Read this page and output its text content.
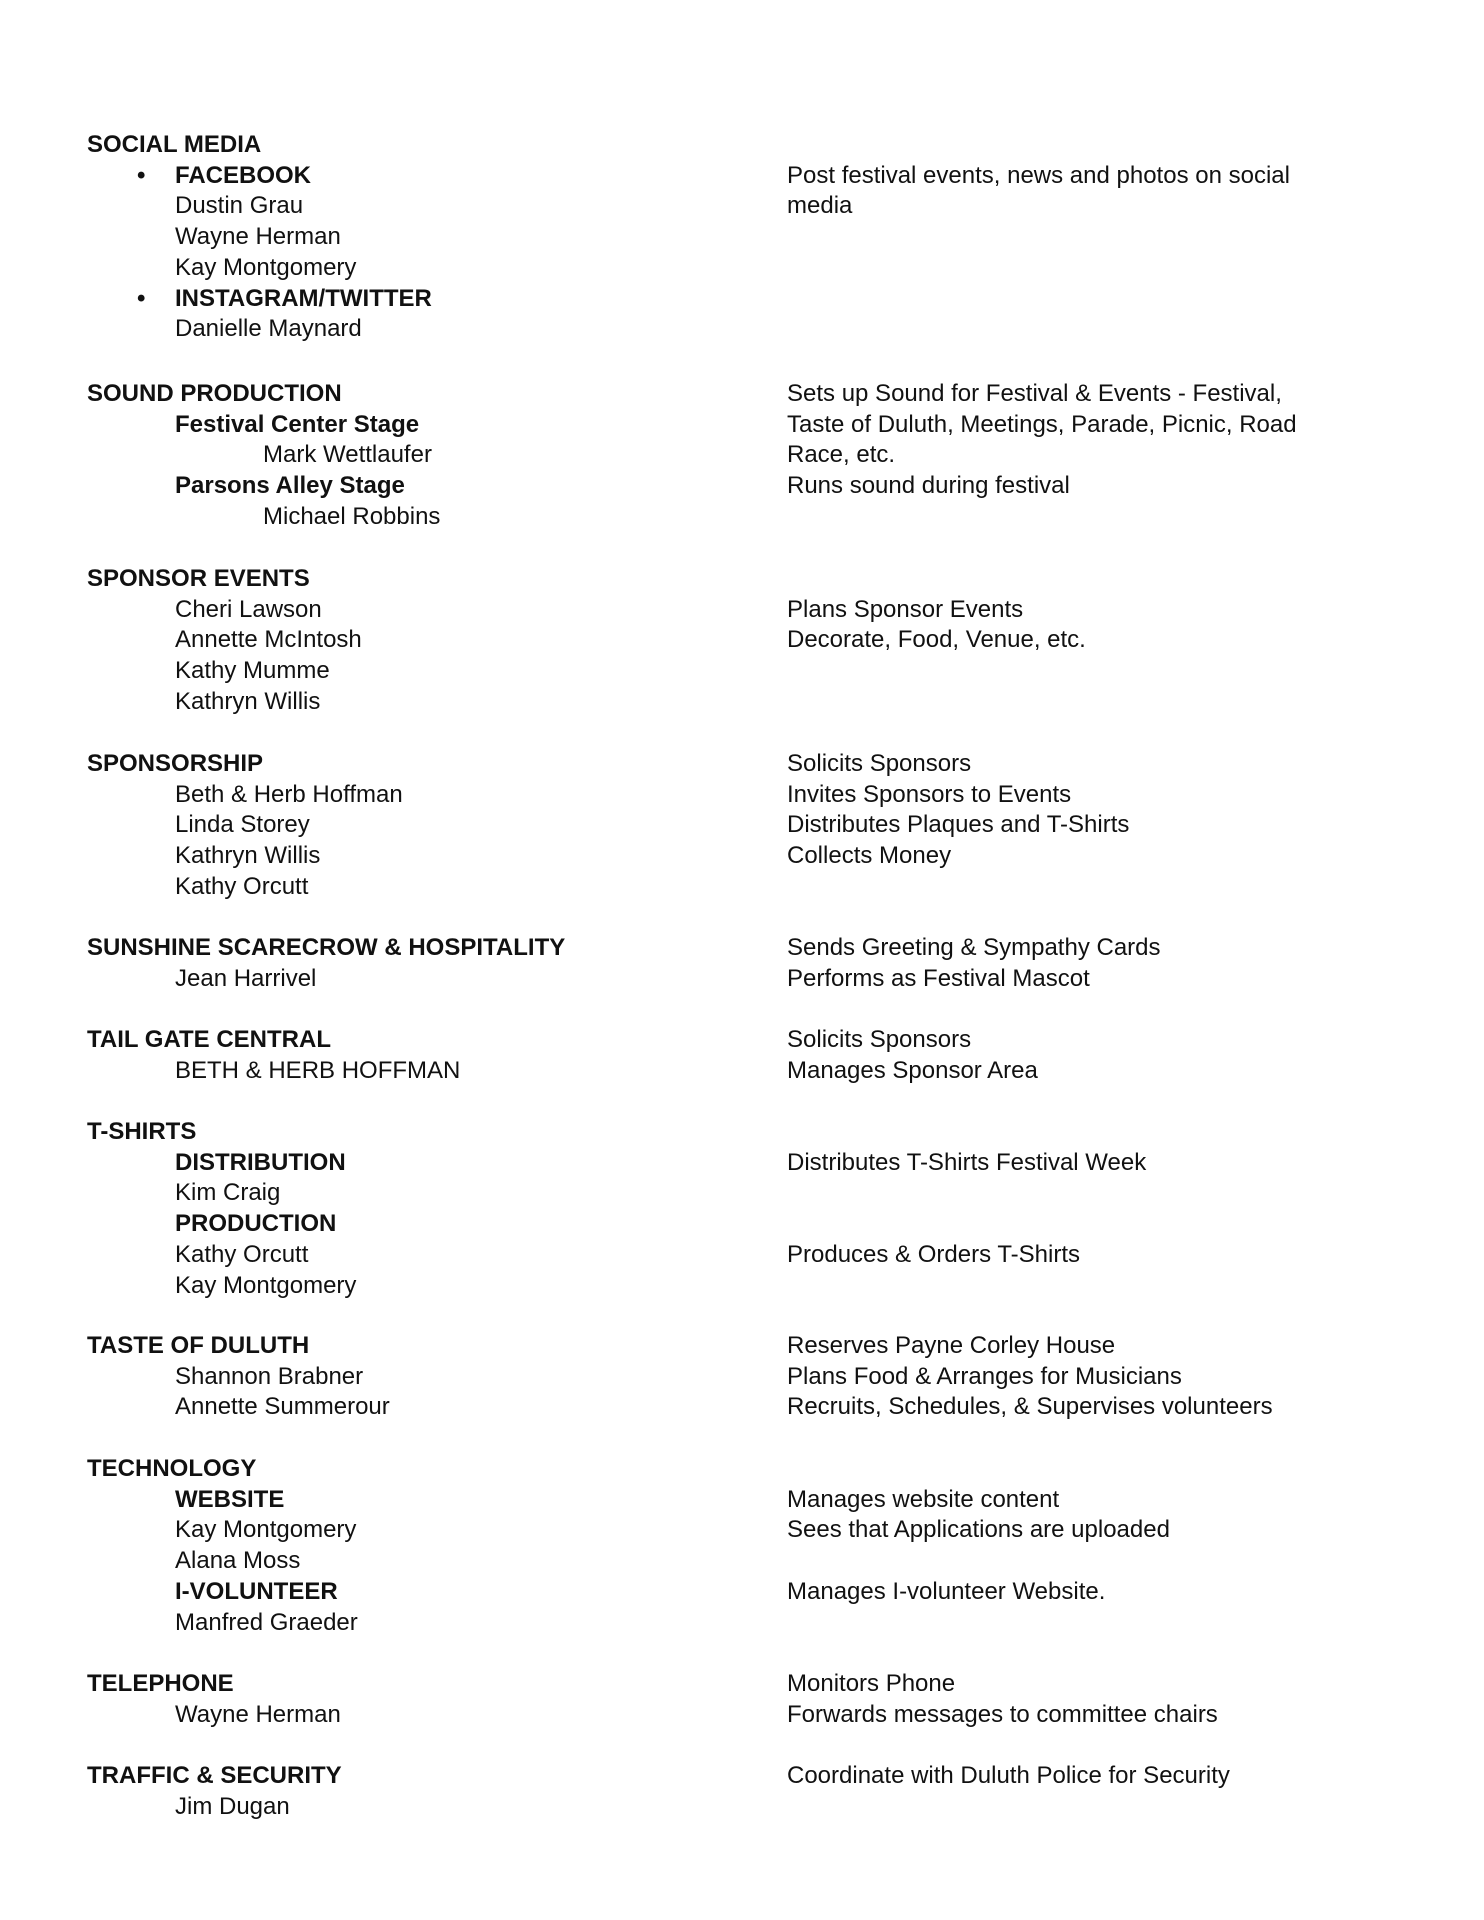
SOCIAL MEDIA
• FACEBOOK
Dustin Grau
Wayne Herman
Kay Montgomery
• INSTAGRAM/TWITTER
Danielle Maynard
Post festival events, news and photos on social
media
SOUND PRODUCTION
Festival Center Stage
Mark Wettlaufer
Parsons Alley Stage
Michael Robbins
Sets up Sound for Festival & Events - Festival,
Taste of Duluth, Meetings, Parade, Picnic, Road
Race, etc.
Runs sound during festival
SPONSOR EVENTS
Cheri Lawson
Annette McIntosh
Kathy Mumme
Kathryn Willis
Plans Sponsor Events
Decorate, Food, Venue, etc.
SPONSORSHIP
Beth & Herb Hoffman
Linda Storey
Kathryn Willis
Kathy Orcutt
Solicits Sponsors
Invites Sponsors to Events
Distributes Plaques and T-Shirts
Collects Money
SUNSHINE SCARECROW & HOSPITALITY
Jean Harrivel
Sends Greeting & Sympathy Cards
Performs as Festival Mascot
TAIL GATE CENTRAL
BETH & HERB HOFFMAN
Solicits Sponsors
Manages Sponsor Area
T-SHIRTS
DISTRIBUTION
Kim Craig
PRODUCTION
Kathy Orcutt
Kay Montgomery
Distributes T-Shirts Festival Week
Produces & Orders T-Shirts
TASTE OF DULUTH
Shannon Brabner
Annette Summerour
Reserves Payne Corley House
Plans Food & Arranges for Musicians
Recruits, Schedules, & Supervises volunteers
TECHNOLOGY
WEBSITE
Kay Montgomery
Alana Moss
I-VOLUNTEER
Manfred Graeder
Manages website content
Sees that Applications are uploaded
Manages I-volunteer Website.
TELEPHONE
Wayne Herman
Monitors Phone
Forwards messages to committee chairs
TRAFFIC & SECURITY
Jim Dugan
Coordinate with Duluth Police for Security
